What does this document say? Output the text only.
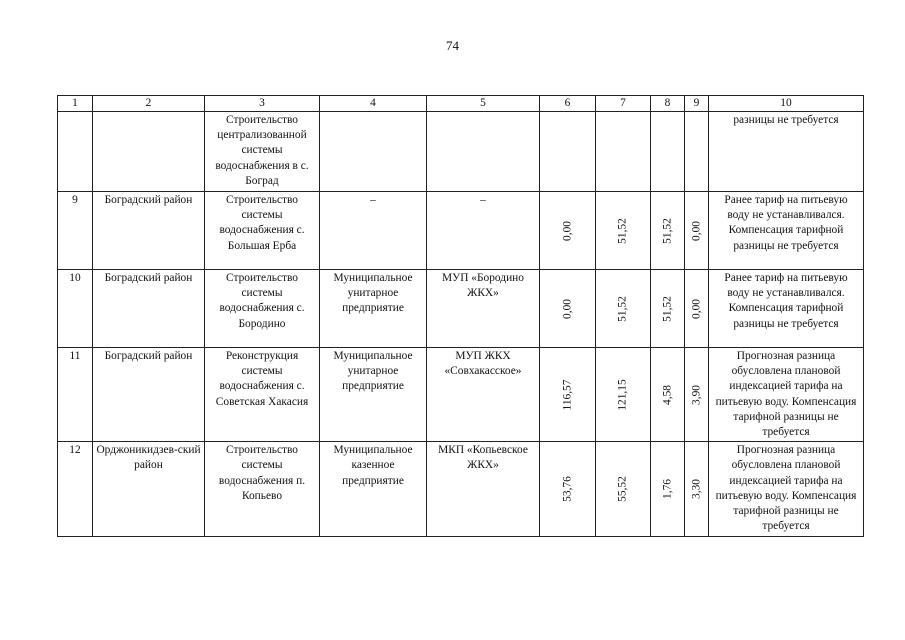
74
1	2	3	4	5	6	7	8	9	10
		Строительство централизованной системы водоснабжения в с. Боград							разницы не требуется
9	Боградский район	Строительство системы водоснабжения с. Большая Ерба	–	–	0,00	51,52	51,52	0,00	Ранее тариф на питьевую воду не устанавливался. Компенсация тарифной разницы не требуется
10	Боградский район	Строительство системы водоснабжения с. Бородино	Муниципальное унитарное предприятие	МУП «Бородино ЖКХ»	0,00	51,52	51,52	0,00	Ранее тариф на питьевую воду не устанавливался. Компенсация тарифной разницы не требуется
11	Боградский район	Реконструкция системы водоснабжения с. Советская Хакасия	Муниципальное унитарное предприятие	МУП ЖКХ «Совхакасское»	116,57	121,15	4,58	3,90	Прогнозная разница обусловлена плановой индексацией тарифа на питьевую воду. Компенсация тарифной разницы не требуется
12	Орджоникидзев-ский район	Строительство системы водоснабжения п. Копьево	Муниципальное казенное предприятие	МКП «Копьевское ЖКХ»	53,76	55,52	1,76	3,30	Прогнозная разница обусловлена плановой индексацией тарифа на питьевую воду. Компенсация тарифной разницы не требуется
